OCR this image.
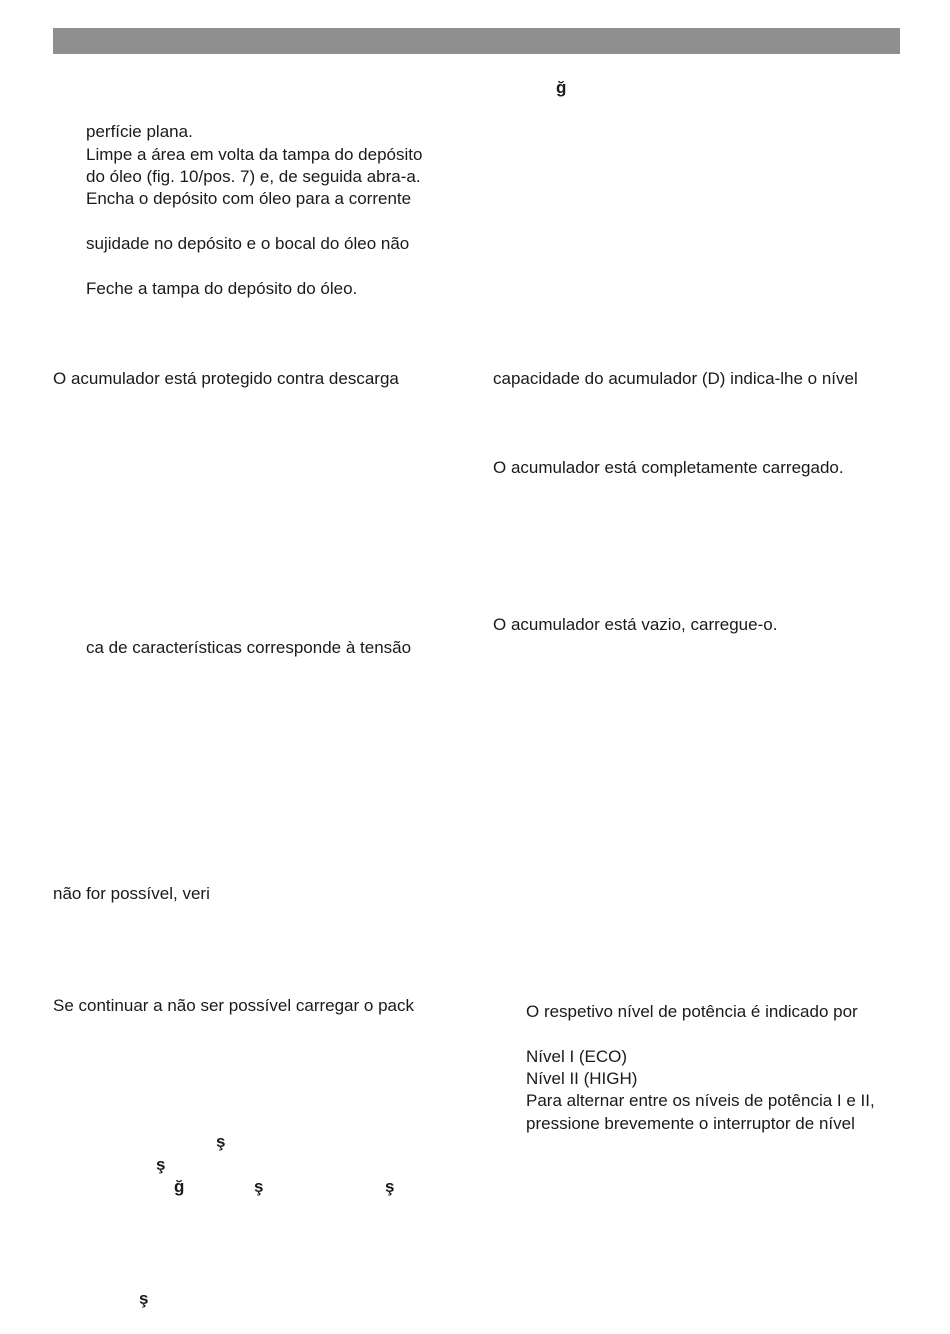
perfície plana.
Limpe a área em volta da tampa do depósito
do óleo (fig. 10/pos. 7) e, de seguida abra-a.
Encha o depósito com óleo para a corrente
sujidade no depósito e o bocal do óleo não
Feche a tampa do depósito do óleo.
O acumulador está protegido contra descarga
ca de características corresponde à tensão
não for possível, veri
Se continuar a não ser possível carregar o pack
ş
ş
ğ	ş	ş
ş
ğ
capacidade do acumulador (D) indica-lhe o nível
O acumulador está completamente carregado.
O acumulador está vazio, carregue-o.
O respetivo nível de potência é indicado por
Nível I (ECO)
Nível II (HIGH)
Para alternar entre os níveis de potência I e II,
pressione brevemente o interruptor de nível
